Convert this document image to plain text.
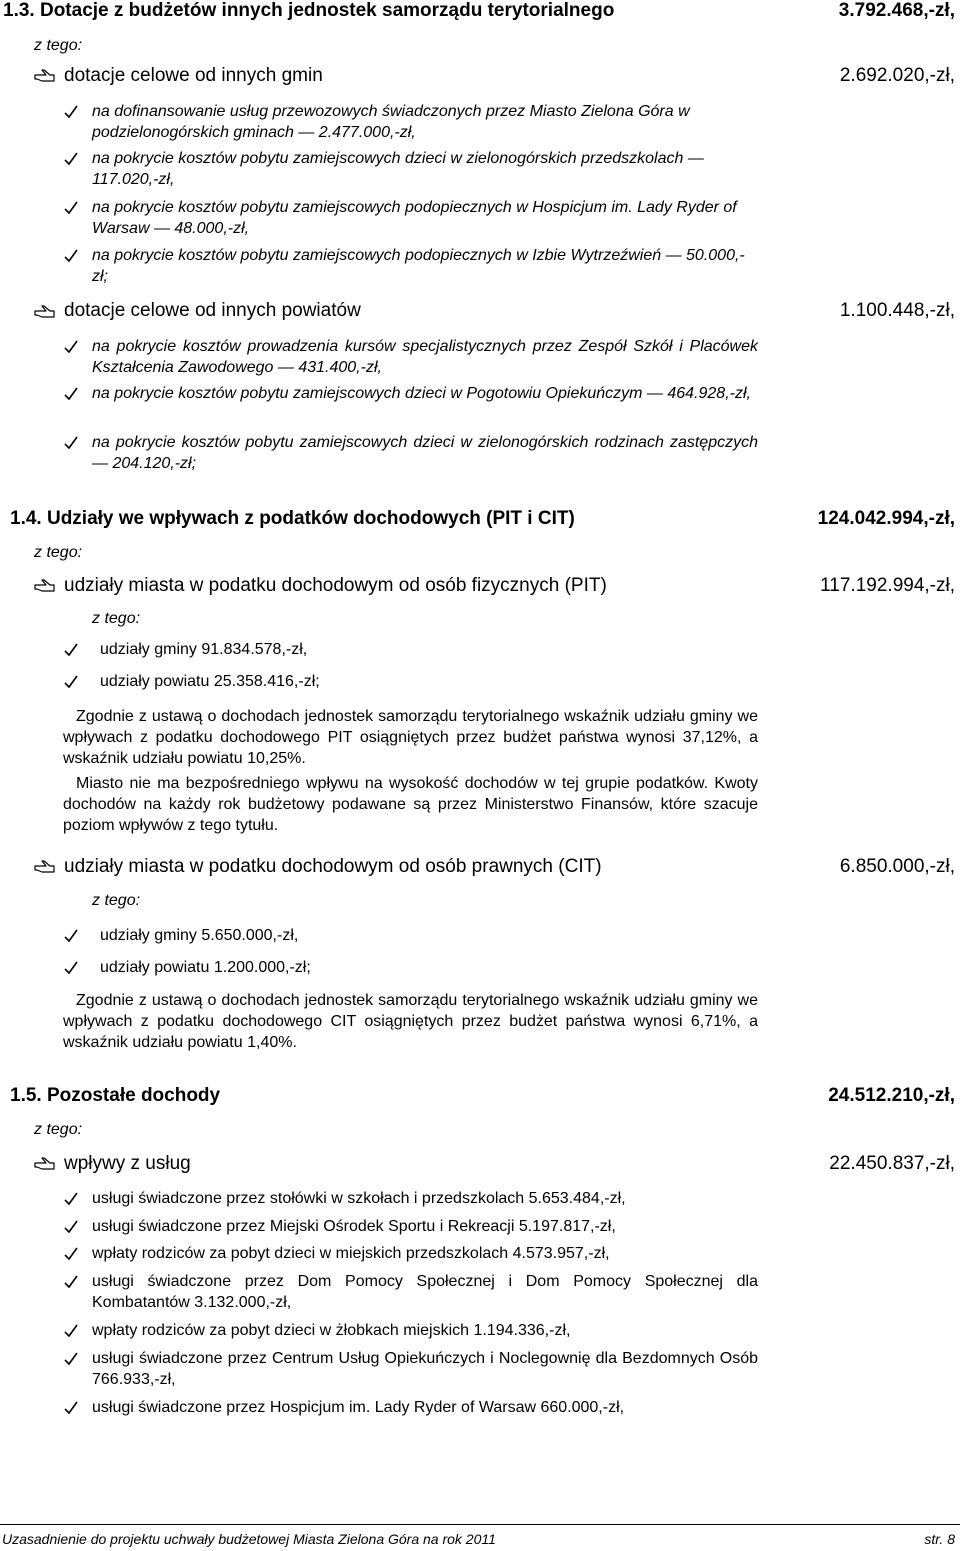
1.3. Dotacje z budżetów innych jednostek samorządu terytorialnego	3.792.468,-zł,
z tego:
dotacje celowe od innych gmin	2.692.020,-zł,
na dofinansowanie usług przewozowych świadczonych przez Miasto Zielona Góra w podzielonogórskich gminach — 2.477.000,-zł,
na pokrycie kosztów pobytu zamiejscowych dzieci w zielonogórskich przedszkolach — 117.020,-zł,
na pokrycie kosztów pobytu zamiejscowych podopiecznych w Hospicjum im. Lady Ryder of Warsaw — 48.000,-zł,
na pokrycie kosztów pobytu zamiejscowych podopiecznych w Izbie Wytrzeźwień — 50.000,-zł;
dotacje celowe od innych powiatów	1.100.448,-zł,
na pokrycie kosztów prowadzenia kursów specjalistycznych przez Zespół Szkół i Placówek Kształcenia Zawodowego — 431.400,-zł,
na pokrycie kosztów pobytu zamiejscowych dzieci w Pogotowiu Opiekuńczym — 464.928,-zł,
na pokrycie kosztów pobytu zamiejscowych dzieci w zielonogórskich rodzinach zastępczych — 204.120,-zł;
1.4. Udziały we wpływach z podatków dochodowych (PIT i CIT)	124.042.994,-zł,
z tego:
udziały miasta w podatku dochodowym od osób fizycznych (PIT)	117.192.994,-zł,
z tego:
udziały gminy 91.834.578,-zł,
udziały powiatu 25.358.416,-zł;
Zgodnie z ustawą o dochodach jednostek samorządu terytorialnego wskaźnik udziału gminy we wpływach z podatku dochodowego PIT osiągniętych przez budżet państwa wynosi 37,12%, a wskaźnik udziału powiatu 10,25%.
Miasto nie ma bezpośredniego wpływu na wysokość dochodów w tej grupie podatków. Kwoty dochodów na każdy rok budżetowy podawane są przez Ministerstwo Finansów, które szacuje poziom wpływów z tego tytułu.
udziały miasta w podatku dochodowym od osób prawnych (CIT)	6.850.000,-zł,
z tego:
udziały gminy 5.650.000,-zł,
udziały powiatu 1.200.000,-zł;
Zgodnie z ustawą o dochodach jednostek samorządu terytorialnego wskaźnik udziału gminy we wpływach z podatku dochodowego CIT osiągniętych przez budżet państwa wynosi 6,71%, a wskaźnik udziału powiatu 1,40%.
1.5. Pozostałe dochody	24.512.210,-zł,
z tego:
wpływy z usług	22.450.837,-zł,
usługi świadczone przez stołówki w szkołach i przedszkolach 5.653.484,-zł,
usługi świadczone przez Miejski Ośrodek Sportu i Rekreacji 5.197.817,-zł,
wpłaty rodziców za pobyt dzieci w miejskich przedszkolach 4.573.957,-zł,
usługi świadczone przez Dom Pomocy Społecznej i Dom Pomocy Społecznej dla Kombatantów 3.132.000,-zł,
wpłaty rodziców za pobyt dzieci w żłobkach miejskich 1.194.336,-zł,
usługi świadczone przez Centrum Usług Opiekuńczych i Noclegownię dla Bezdomnych Osób 766.933,-zł,
usługi świadczone przez Hospicjum im. Lady Ryder of Warsaw 660.000,-zł,
Uzasadnienie do projektu uchwały budżetowej Miasta Zielona Góra na rok 2011	str. 8
